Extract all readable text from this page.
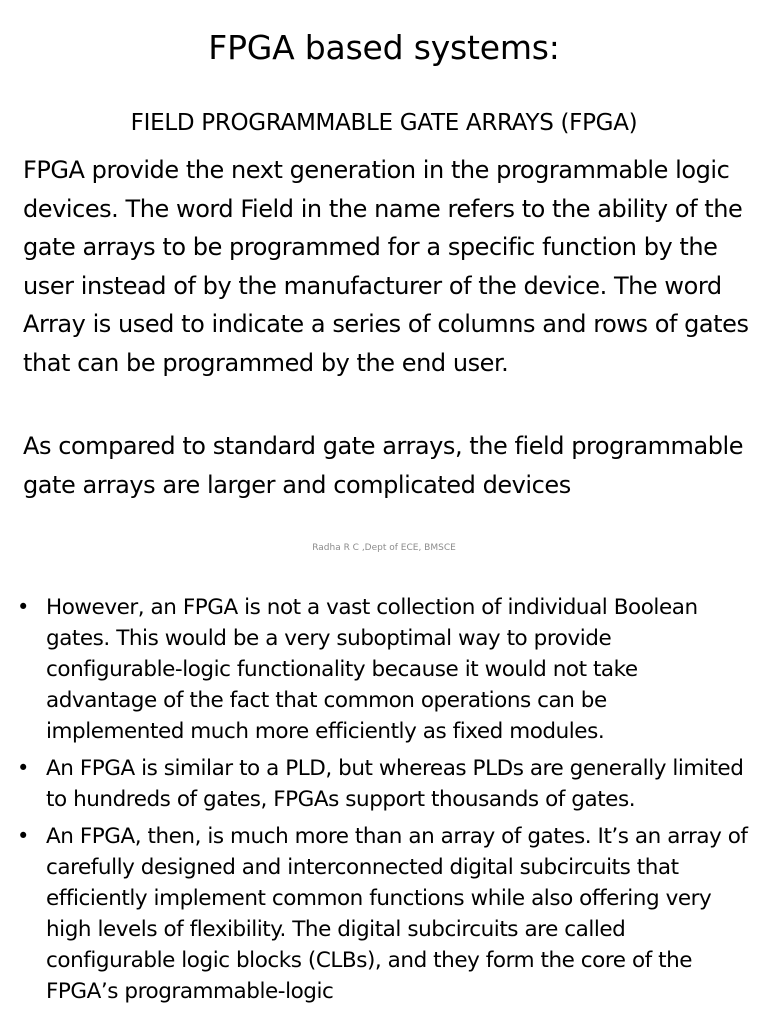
FPGA based systems:
FIELD PROGRAMMABLE GATE ARRAYS (FPGA)

FPGA provide the next generation in the programmable logic devices. The word Field in the name refers to the ability of the gate arrays to be programmed for a specific function by the user instead of by the manufacturer of the device. The word Array is used to indicate a series of columns and rows of gates that can be programmed by the end user.

As compared to standard gate arrays, the field programmable gate arrays are larger and complicated devices

Radha R C ,Dept of ECE, BMSCE
• However, an FPGA is not a vast collection of individual Boolean gates. This would be a very suboptimal way to provide configurable-logic functionality because it would not take advantage of the fact that common operations can be implemented much more efficiently as fixed modules.
• An FPGA is similar to a PLD, but whereas PLDs are generally limited to hundreds of gates, FPGAs support thousands of gates.
• An FPGA, then, is much more than an array of gates. It’s an array of carefully designed and interconnected digital subcircuits that efficiently implement common functions while also offering very high levels of flexibility. The digital subcircuits are called configurable logic blocks (CLBs), and they form the core of the FPGA’s programmable-logic
